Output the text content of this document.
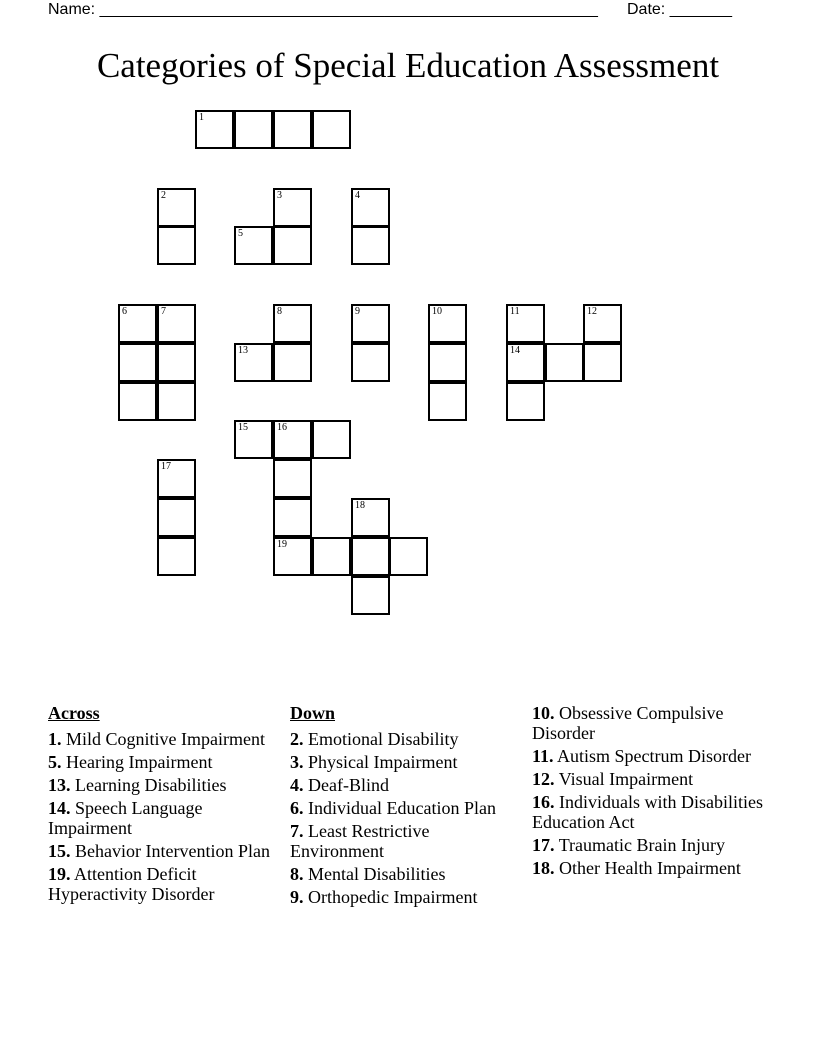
Name: ________________________________________________________ Date: _______
Categories of Special Education Assessment
1
2	3
5
4
6	7	8
13
9	10	11
14
12
15	16
19
18
17
Across
1. Mild Cognitive Impairment
5. Hearing Impairment
13. Learning Disabilities
14. Speech Language Impairment
15. Behavior Intervention Plan
19. Attention Deficit Hyperactivity Disorder
Down
2. Emotional Disability
3. Physical Impairment
4. Deaf-Blind
6. Individual Education Plan
7. Least Restrictive Environment
8. Mental Disabilities
9. Orthopedic Impairment
10. Obsessive Compulsive Disorder
11. Autism Spectrum Disorder
12. Visual Impairment
16. Individuals with Disabilities Education Act
17. Traumatic Brain Injury
18. Other Health Impairment
